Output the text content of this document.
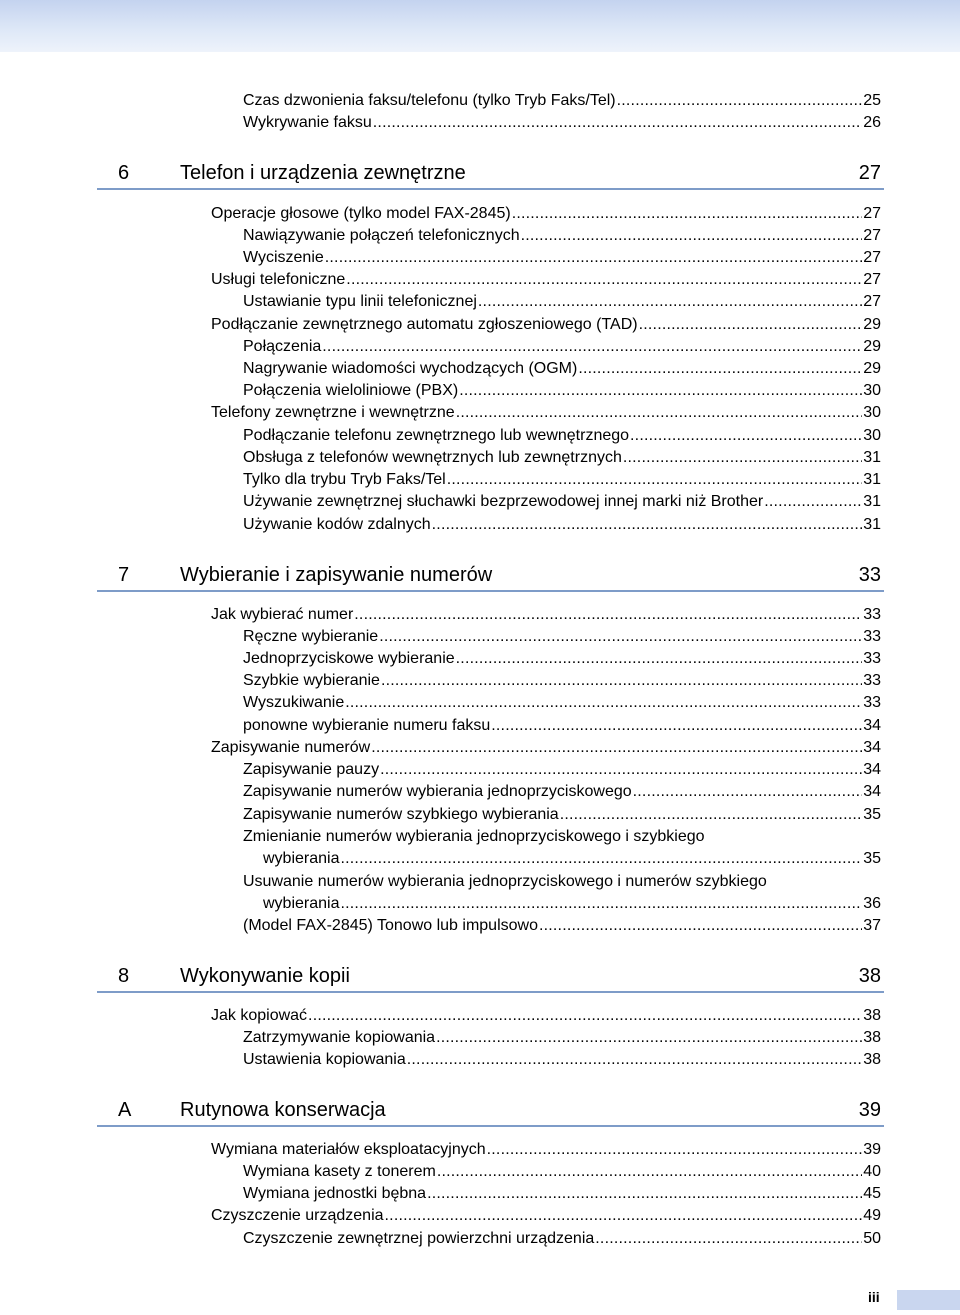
Czas dzwonienia faksu/telefonu (tylko Tryb Faks/Tel) .....	25
Wykrywanie faksu .....	26
6	Telefon i urządzenia zewnętrzne	27
Operacje głosowe (tylko model FAX-2845) .....	27
Nawiązywanie połączeń telefonicznych .....	27
Wyciszenie .....	27
Usługi telefoniczne .....	27
Ustawianie typu linii telefonicznej .....	27
Podłączanie zewnętrznego automatu zgłoszeniowego (TAD) .....	29
Połączenia .....	29
Nagrywanie wiadomości wychodzących (OGM) .....	29
Połączenia wieloliniowe (PBX) .....	30
Telefony zewnętrzne i wewnętrzne .....	30
Podłączanie telefonu zewnętrznego lub wewnętrznego .....	30
Obsługa z telefonów wewnętrznych lub zewnętrznych .....	31
Tylko dla trybu Tryb Faks/Tel .....	31
Używanie zewnętrznej słuchawki bezprzewodowej innej marki niż Brother .....	31
Używanie kodów zdalnych .....	31
7	Wybieranie i zapisywanie numerów	33
Jak wybierać numer .....	33
Ręczne wybieranie .....	33
Jednoprzyciskowe wybieranie .....	33
Szybkie wybieranie .....	33
Wyszukiwanie .....	33
ponowne wybieranie numeru faksu .....	34
Zapisywanie numerów .....	34
Zapisywanie pauzy .....	34
Zapisywanie numerów wybierania jednoprzyciskowego .....	34
Zapisywanie numerów szybkiego wybierania .....	35
Zmienianie numerów wybierania jednoprzyciskowego i szybkiego
wybierania .....	35
Usuwanie numerów wybierania jednoprzyciskowego i numerów szybkiego
wybierania .....	36
(Model FAX-2845) Tonowo lub impulsowo .....	37
8	Wykonywanie kopii	38
Jak kopiować .....	38
Zatrzymywanie kopiowania .....	38
Ustawienia kopiowania .....	38
A Rutynowa konserwacja	39
Wymiana materiałów eksploatacyjnych .....	39
Wymiana kasety z tonerem .....	40
Wymiana jednostki bębna .....	45
Czyszczenie urządzenia .....	49
Czyszczenie zewnętrznej powierzchni urządzenia .....	50
iii
